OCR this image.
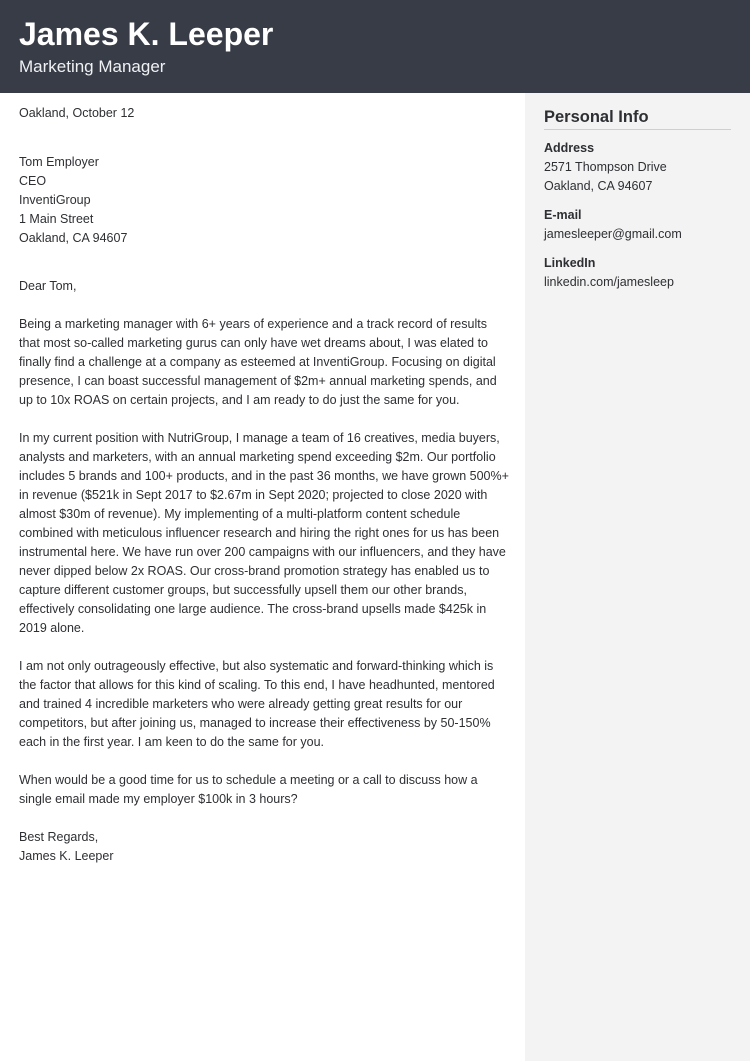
James K. Leeper
Marketing Manager

Oakland, October 12

Tom Employer
CEO
InventiGroup
1 Main Street
Oakland, CA 94607

Dear Tom,

Being a marketing manager with 6+ years of experience and a track record of results that most so-called marketing gurus can only have wet dreams about, I was elated to finally find a challenge at a company as esteemed at InventiGroup. Focusing on digital presence, I can boast successful management of $2m+ annual marketing spends, and up to 10x ROAS on certain projects, and I am ready to do just the same for you.

In my current position with NutriGroup, I manage a team of 16 creatives, media buyers, analysts and marketers, with an annual marketing spend exceeding $2m. Our portfolio includes 5 brands and 100+ products, and in the past 36 months, we have grown 500%+ in revenue ($521k in Sept 2017 to $2.67m in Sept 2020; projected to close 2020 with almost $30m of revenue). My implementing of a multi-platform content schedule combined with meticulous influencer research and hiring the right ones for us has been instrumental here. We have run over 200 campaigns with our influencers, and they have never dipped below 2x ROAS. Our cross-brand promotion strategy has enabled us to capture different customer groups, but successfully upsell them our other brands, effectively consolidating one large audience. The cross-brand upsells made $425k in 2019 alone.

I am not only outrageously effective, but also systematic and forward-thinking which is the factor that allows for this kind of scaling. To this end, I have headhunted, mentored and trained 4 incredible marketers who were already getting great results for our competitors, but after joining us, managed to increase their effectiveness by 50-150% each in the first year. I am keen to do the same for you.

When would be a good time for us to schedule a meeting or a call to discuss how a single email made my employer $100k in 3 hours?

Best Regards,

James K. Leeper

Personal Info
Address
2571 Thompson Drive
Oakland, CA 94607
E-mail
jamesleeper@gmail.com
LinkedIn
linkedin.com/jamesleep
